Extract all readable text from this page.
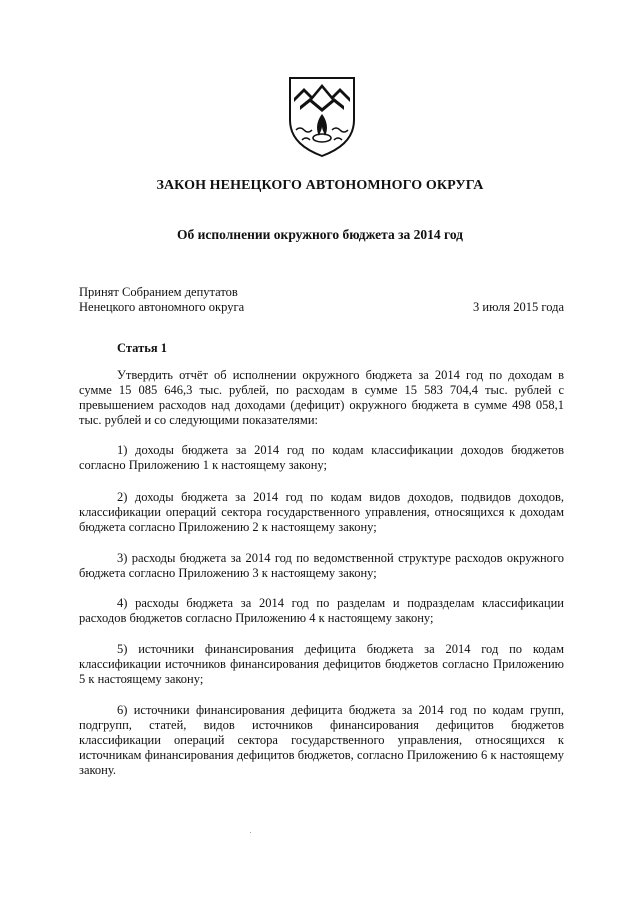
ЗАКОН НЕНЕЦКОГО АВТОНОМНОГО ОКРУГА
Об исполнении окружного бюджета за 2014 год
Принят Собранием депутатов
Ненецкого автономного округа	3 июля 2015 года
Статья 1

Утвердить отчёт об исполнении окружного бюджета за 2014 год по доходам в сумме 15 085 646,3 тыс. рублей, по расходам в сумме 15 583 704,4 тыс. рублей с превышением расходов над доходами (дефицит) окружного бюджета в сумме 498 058,1 тыс. рублей и со следующими показателями:

1) доходы бюджета за 2014 год по кодам классификации доходов бюджетов согласно Приложению 1 к настоящему закону;

2) доходы бюджета за 2014 год по кодам видов доходов, подвидов доходов, классификации операций сектора государственного управления, относящихся к доходам бюджета согласно Приложению 2 к настоящему закону;

3) расходы бюджета за 2014 год по ведомственной структуре расходов окружного бюджета согласно Приложению 3 к настоящему закону;

4) расходы бюджета за 2014 год по разделам и подразделам классификации расходов бюджетов согласно Приложению 4 к настоящему закону;

5) источники финансирования дефицита бюджета за 2014 год по кодам классификации источников финансирования дефицитов бюджетов согласно Приложению 5 к настоящему закону;

6) источники финансирования дефицита бюджета за 2014 год по кодам групп, подгрупп, статей, видов источников финансирования дефицитов бюджетов классификации операций сектора государственного управления, относящихся к источникам финансирования дефицитов бюджетов, согласно Приложению 6 к настоящему закону.
